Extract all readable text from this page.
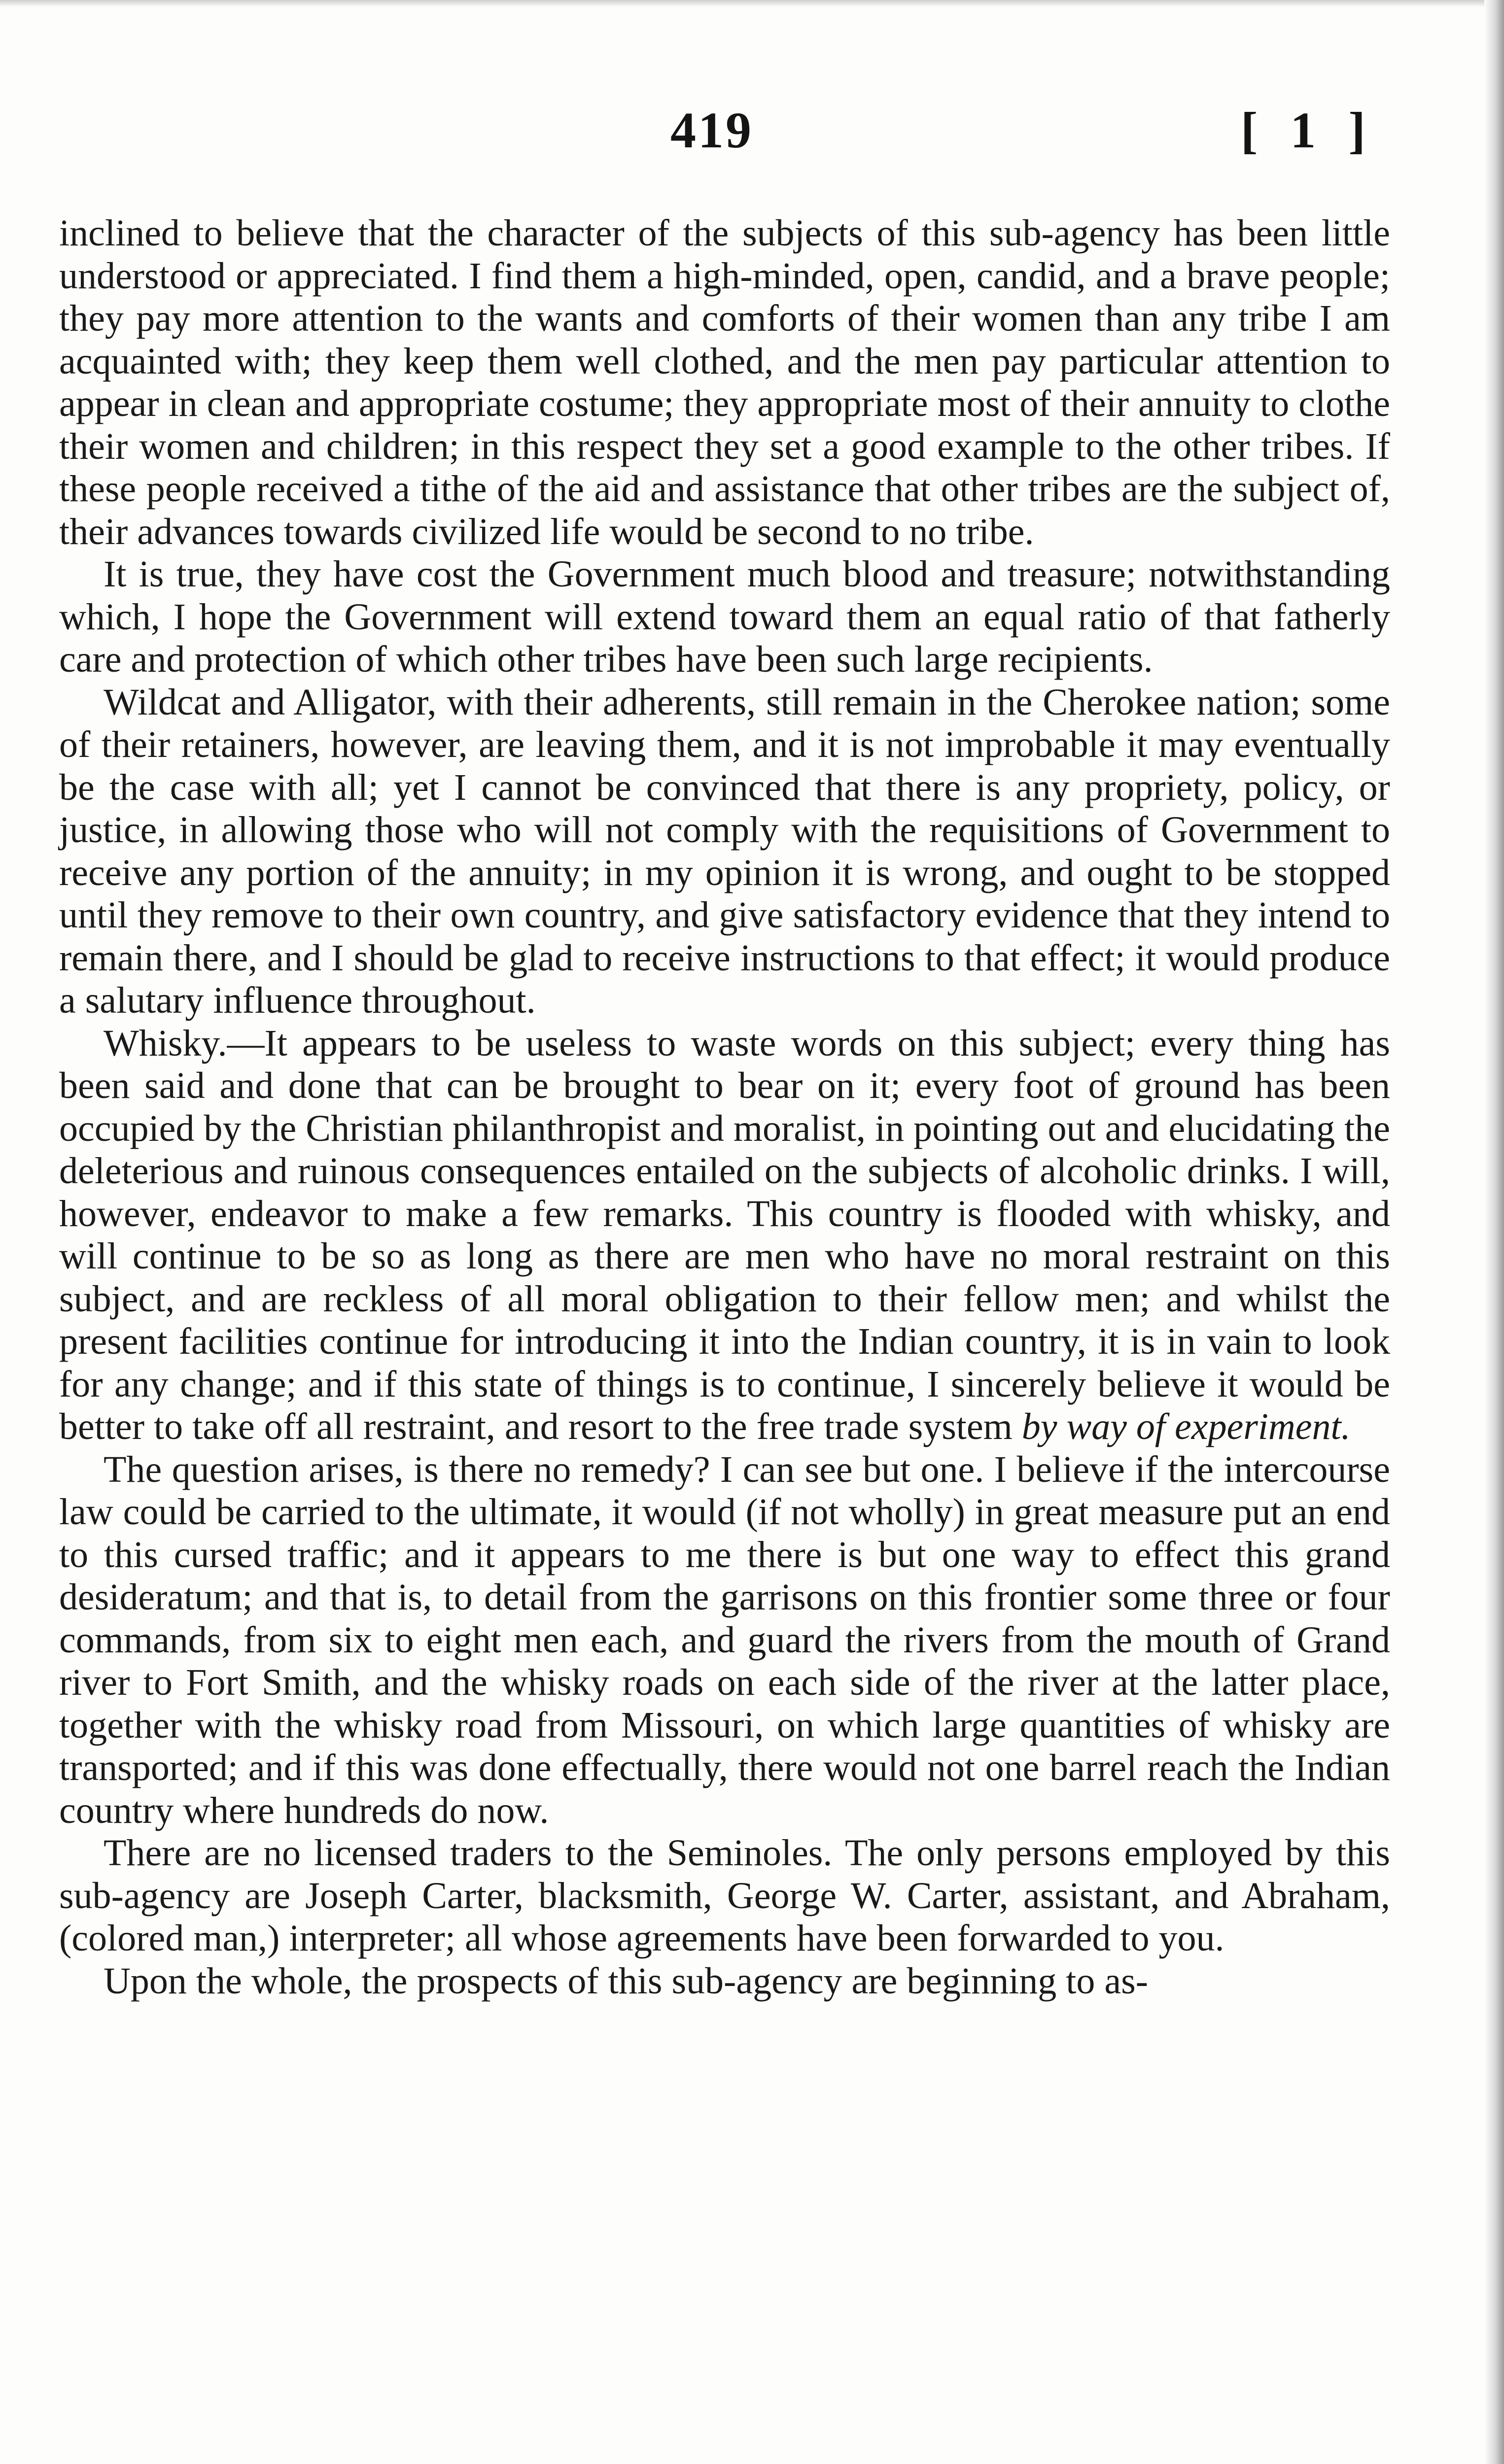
419	[ 1 ]

inclined to believe that the character of the subjects of this sub-agency has been little understood or appreciated. I find them a high-minded, open, candid, and a brave people; they pay more attention to the wants and comforts of their women than any tribe I am acquainted with; they keep them well clothed, and the men pay particular attention to appear in clean and appropriate costume; they appropriate most of their annuity to clothe their women and children; in this respect they set a good example to the other tribes. If these people received a tithe of the aid and assistance that other tribes are the subject of, their advances towards civilized life would be second to no tribe.

It is true, they have cost the Government much blood and treasure; notwithstanding which, I hope the Government will extend toward them an equal ratio of that fatherly care and protection of which other tribes have been such large recipients.

Wildcat and Alligator, with their adherents, still remain in the Cherokee nation; some of their retainers, however, are leaving them, and it is not improbable it may eventually be the case with all; yet I cannot be convinced that there is any propriety, policy, or justice, in allowing those who will not comply with the requisitions of Government to receive any portion of the annuity; in my opinion it is wrong, and ought to be stopped until they remove to their own country, and give satisfactory evidence that they intend to remain there, and I should be glad to receive instructions to that effect; it would produce a salutary influence throughout.

Whisky.—It appears to be useless to waste words on this subject; every thing has been said and done that can be brought to bear on it; every foot of ground has been occupied by the Christian philanthropist and moralist, in pointing out and elucidating the deleterious and ruinous consequences entailed on the subjects of alcoholic drinks. I will, however, endeavor to make a few remarks. This country is flooded with whisky, and will continue to be so as long as there are men who have no moral restraint on this subject, and are reckless of all moral obligation to their fellow men; and whilst the present facilities continue for introducing it into the Indian country, it is in vain to look for any change; and if this state of things is to continue, I sincerely believe it would be better to take off all restraint, and resort to the free trade system by way of experiment.

The question arises, is there no remedy? I can see but one. I believe if the intercourse law could be carried to the ultimate, it would (if not wholly) in great measure put an end to this cursed traffic; and it appears to me there is but one way to effect this grand desideratum; and that is, to detail from the garrisons on this frontier some three or four commands, from six to eight men each, and guard the rivers from the mouth of Grand river to Fort Smith, and the whisky roads on each side of the river at the latter place, together with the whisky road from Missouri, on which large quantities of whisky are transported; and if this was done effectually, there would not one barrel reach the Indian country where hundreds do now.

There are no licensed traders to the Seminoles. The only persons employed by this sub-agency are Joseph Carter, blacksmith, George W. Carter, assistant, and Abraham, (colored man,) interpreter; all whose agreements have been forwarded to you.

Upon the whole, the prospects of this sub-agency are beginning to as-
